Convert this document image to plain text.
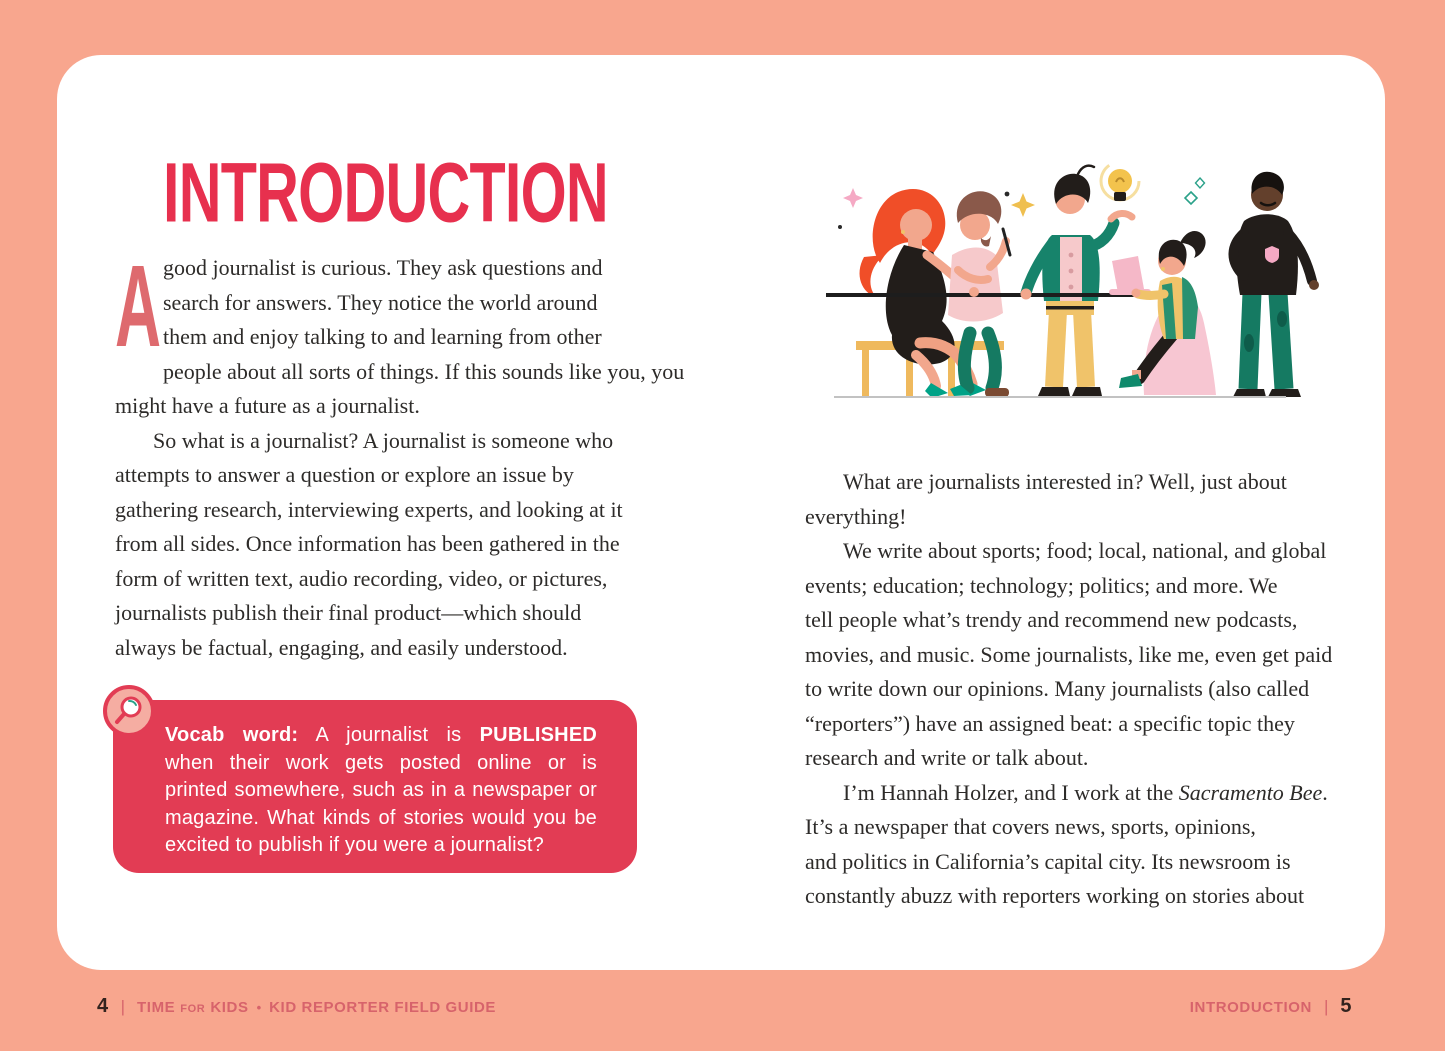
INTRODUCTION
A good journalist is curious. They ask questions and
search for answers. They notice the world around
them and enjoy talking to and learning from other
people about all sorts of things. If this sounds like you, you
might have a future as a journalist.
So what is a journalist? A journalist is someone who
attempts to answer a question or explore an issue by
gathering research, interviewing experts, and looking at it
from all sides. Once information has been gathered in the
form of written text, audio recording, video, or pictures,
journalists publish their final product—which should
always be factual, engaging, and easily understood.
Vocab word: A journalist is PUBLISHED
when their work gets posted online or is
printed somewhere, such as in a newspaper or
magazine. What kinds of stories would you be
excited to publish if you were a journalist?
What are journalists interested in? Well, just about
everything!
We write about sports; food; local, national, and global
events; education; technology; politics; and more. We
tell people what’s trendy and recommend new podcasts,
movies, and music. Some journalists, like me, even get paid
to write down our opinions. Many journalists (also called
“reporters”) have an assigned beat: a specific topic they
research and write or talk about.
I’m Hannah Holzer, and I work at the Sacramento Bee.
It’s a newspaper that covers news, sports, opinions,
and politics in California’s capital city. Its newsroom is
constantly abuzz with reporters working on stories about
4 | TIME FOR KIDS • KID REPORTER FIELD GUIDE	INTRODUCTION | 5
